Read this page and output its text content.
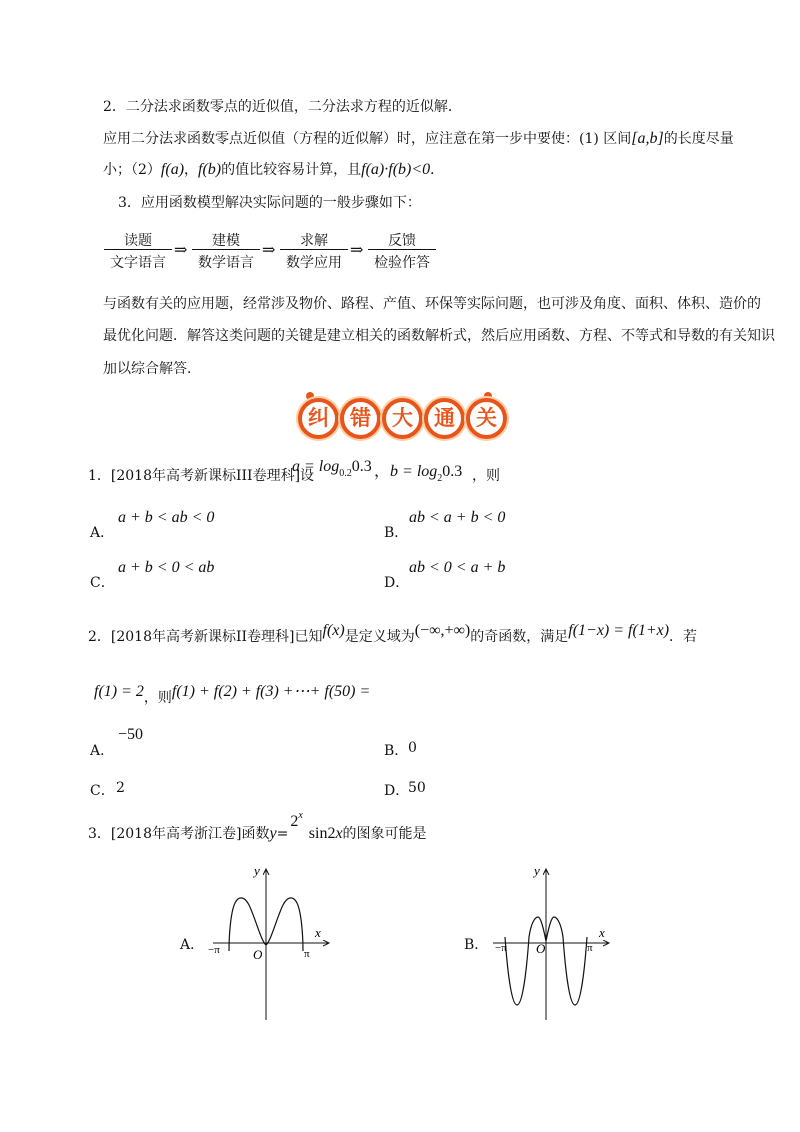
2．二分法求函数零点的近似值，二分法求方程的近似解．
应用二分法求函数零点近似值（方程的近似解）时，应注意在第一步中要使：(1) 区间[a,b]的长度尽量
小；（2）f(a)，f(b)的值比较容易计算，且f(a)·f(b)<0．
3．应用函数模型解决实际问题的一般步骤如下：
读题
文字语言
⇒	建模
数学语言
⇒	求解
数学应用
⇒	反馈
检验作答
与函数有关的应用题，经常涉及物价、路程、产值、环保等实际问题，也可涉及角度、面积、体积、造价的
最优化问题．解答这类问题的关键是建立相关的函数解析式，然后应用函数、方程、不等式和导数的有关知识
加以综合解答．
纠	错	大	通	关
1．[2018年高考新课标III卷理科]设
$a = \log_{0.2}0.3$ ，$b = \log_20.3$ ，则
A．
a + b < ab < 0
B．
ab < a + b < 0
C．
a + b < 0 < ab
D．
ab < 0 < a + b
2．[2018年高考新课标II卷理科]已知f(x)是定义域为(−∞,+∞)的奇函数，满足f(1−x) = f(1+x)．若
f(1) = 2，则f(1) + f(2) + f(3) +⋯+ f(50) =
A．
−50
B． 0
C． 2	D．
50
3．[2018年高考浙江卷]函数$y=2^x\sin 2x$的图象可能是
A．
y
x
O
−π	π
B．
y
x
O
−π	π
